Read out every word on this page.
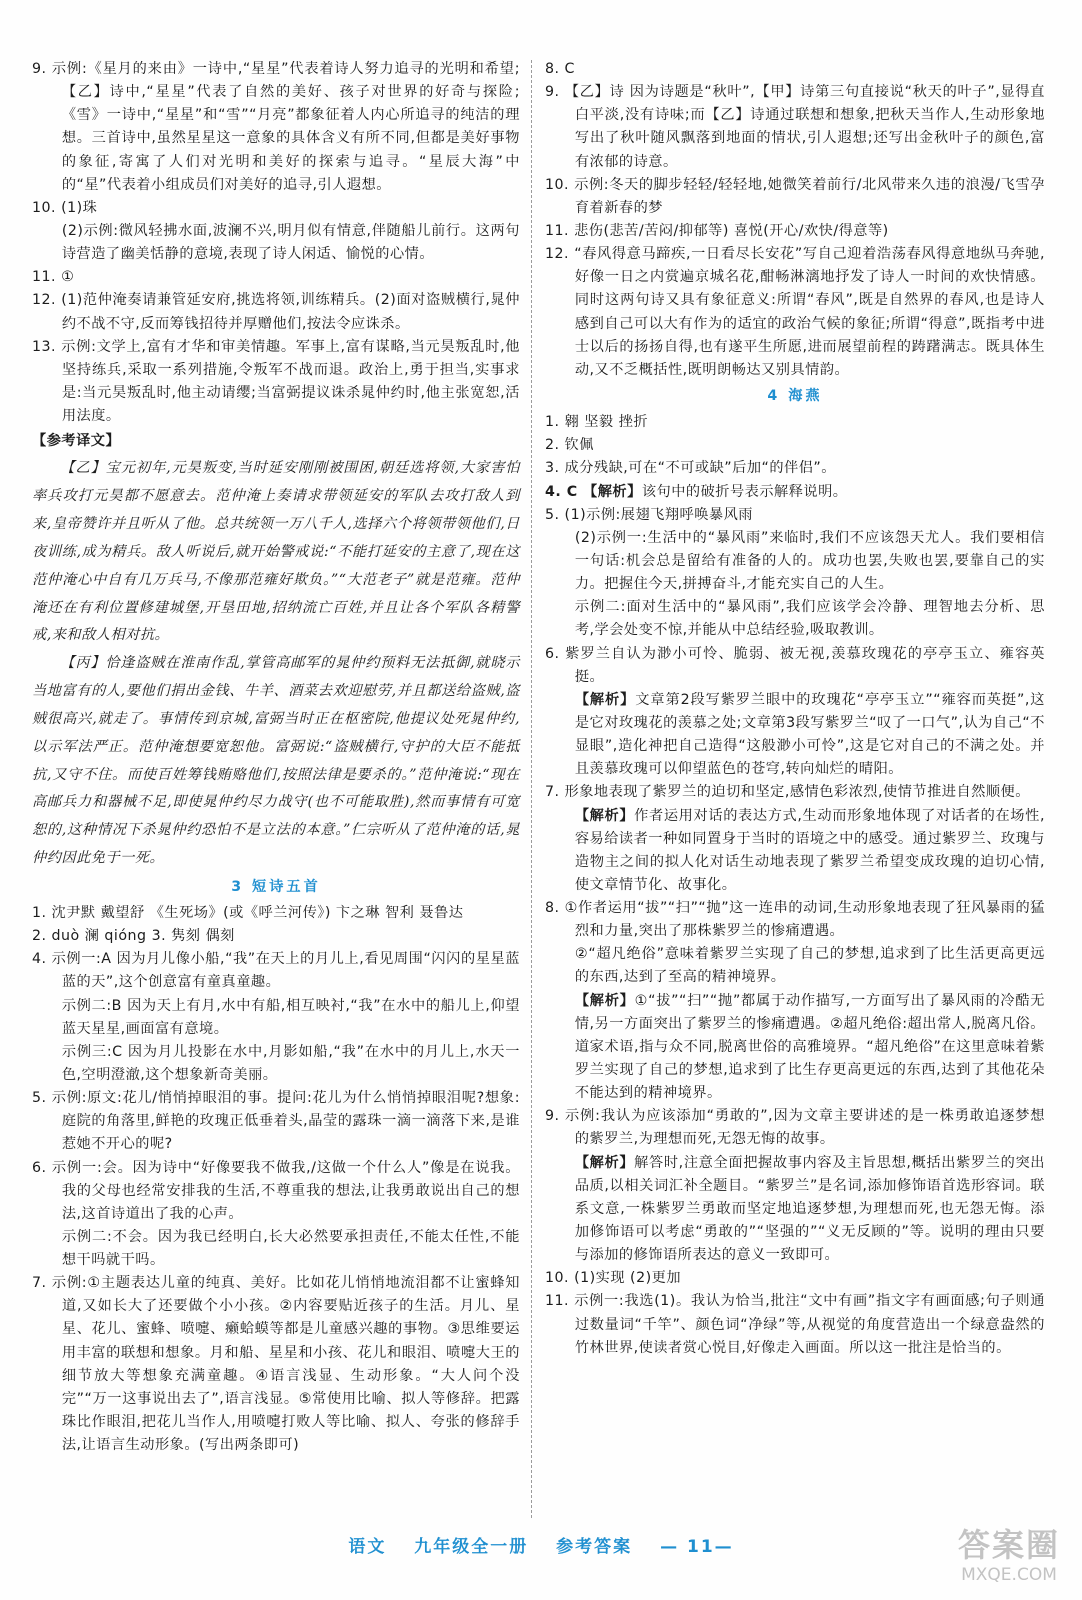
9. 示例:《星月的来由》一诗中,“星星”代表着诗人努力追寻的光明和希望;【乙】诗中,“星星”代表了自然的美好、孩子对世界的好奇与探险;《雪》一诗中,“星星”和“雪”“月亮”都象征着人内心所追寻的纯洁的理想。三首诗中,虽然星星这一意象的具体含义有所不同,但都是美好事物的象征,寄寓了人们对光明和美好的探索与追寻。“星辰大海”中的“星”代表着小组成员们对美好的追寻,引人遐想。

10. (1)珠

(2)示例:微风轻拂水面,波澜不兴,明月似有情意,伴随船儿前行。这两句诗营造了幽美恬静的意境,表现了诗人闲适、愉悦的心情。

11. ①

12. (1)范仲淹奏请兼管延安府,挑选将领,训练精兵。(2)面对盗贼横行,晁仲约不战不守,反而筹钱招待并厚赠他们,按法令应诛杀。

13. 示例:文学上,富有才华和审美情趣。军事上,富有谋略,当元昊叛乱时,他坚持练兵,采取一系列措施,令叛军不战而退。政治上,勇于担当,实事求是:当元昊叛乱时,他主动请缨;当富弼提议诛杀晁仲约时,他主张宽恕,活用法度。

【参考译文】

【乙】宝元初年,元昊叛变,当时延安刚刚被围困,朝廷选将领,大家害怕率兵攻打元昊都不愿意去。范仲淹上奏请求带领延安的军队去攻打敌人到来,皇帝赞许并且听从了他。总共统领一万八千人,选择六个将领带领他们,日夜训练,成为精兵。敌人听说后,就开始警戒说:“不能打延安的主意了,现在这范仲淹心中自有几万兵马,不像那范雍好欺负。”“大范老子”就是范雍。范仲淹还在有利位置修建城堡,开垦田地,招纳流亡百姓,并且让各个军队各精警戒,来和敌人相对抗。

【丙】恰逢盗贼在淮南作乱,掌管高邮军的晁仲约预料无法抵御,就晓示当地富有的人,要他们捐出金钱、牛羊、酒菜去欢迎慰劳,并且都送给盗贼,盗贼很高兴,就走了。事情传到京城,富弼当时正在枢密院,他提议处死晁仲约,以示军法严正。范仲淹想要宽恕他。富弼说:“盗贼横行,守护的大臣不能抵抗,又守不住。而使百姓筹钱贿赂他们,按照法律是要杀的。”范仲淹说:“现在高邮兵力和器械不足,即使晁仲约尽力战守(也不可能取胜),然而事情有可宽恕的,这种情况下杀晁仲约恐怕不是立法的本意。”仁宗听从了范仲淹的话,晁仲约因此免于一死。

3 短诗五首

1. 沈尹默 戴望舒 《生死场》(或《呼兰河传》) 卞之琳 智利 聂鲁达

2. duò 澜 qióng 3. 隽刻 偶刻

4. 示例一:A 因为月儿像小船,“我”在天上的月儿上,看见周围“闪闪的星星蓝蓝的天”,这个创意富有童真童趣。

示例二:B 因为天上有月,水中有船,相互映衬,“我”在水中的船儿上,仰望蓝天星星,画面富有意境。

示例三:C 因为月儿投影在水中,月影如船,“我”在水中的月儿上,水天一色,空明澄澈,这个想象新奇美丽。

5. 示例:原文:花儿/悄悄掉眼泪的事。提问:花儿为什么悄悄掉眼泪呢?想象:庭院的角落里,鲜艳的玫瑰正低垂着头,晶莹的露珠一滴一滴落下来,是谁惹她不开心的呢?

6. 示例一:会。因为诗中“好像要我不做我,/这做一个什么人”像是在说我。我的父母也经常安排我的生活,不尊重我的想法,让我勇敢说出自己的想法,这首诗道出了我的心声。

示例二:不会。因为我已经明白,长大必然要承担责任,不能太任性,不能想干吗就干吗。

7. 示例:①主题表达儿童的纯真、美好。比如花儿悄悄地流泪都不让蜜蜂知道,又如长大了还要做个小小孩。②内容要贴近孩子的生活。月儿、星星、花儿、蜜蜂、喷嚏、癞蛤蟆等都是儿童感兴趣的事物。③思维要运用丰富的联想和想象。月和船、星星和小孩、花儿和眼泪、喷嚏大王的细节放大等想象充满童趣。④语言浅显、生动形象。“大人问个没完”“万一这事说出去了”,语言浅显。⑤常使用比喻、拟人等修辞。把露珠比作眼泪,把花儿当作人,用喷嚏打败人等比喻、拟人、夸张的修辞手法,让语言生动形象。(写出两条即可)

8. C

9. 【乙】诗 因为诗题是“秋叶”,【甲】诗第三句直接说“秋天的叶子”,显得直白平淡,没有诗味;而【乙】诗通过联想和想象,把秋天当作人,生动形象地写出了秋叶随风飘落到地面的情状,引人遐想;还写出金秋叶子的颜色,富有浓郁的诗意。

10. 示例:冬天的脚步轻轻/轻轻地,她微笑着前行/北风带来久违的浪漫/飞雪孕育着新春的梦

11. 悲伤(悲苦/苦闷/抑郁等) 喜悦(开心/欢快/得意等)

12. “春风得意马蹄疾,一日看尽长安花”写自己迎着浩荡春风得意地纵马奔驰,好像一日之内赏遍京城名花,酣畅淋漓地抒发了诗人一时间的欢快情感。同时这两句诗又具有象征意义:所谓“春风”,既是自然界的春风,也是诗人感到自己可以大有作为的适宜的政治气候的象征;所谓“得意”,既指考中进士以后的扬扬自得,也有遂平生所愿,进而展望前程的踌躇满志。既具体生动,又不乏概括性,既明朗畅达又别具情韵。

4 海燕

1. 翱 坚毅 挫折

2. 钦佩

3. 成分残缺,可在“不可或缺”后加“的伴侣”。

4. C 【解析】该句中的破折号表示解释说明。

5. (1)示例:展翅飞翔呼唤暴风雨

(2)示例一:生活中的“暴风雨”来临时,我们不应该怨天尤人。我们要相信一句话:机会总是留给有准备的人的。成功也罢,失败也罢,要靠自己的实力。把握住今天,拼搏奋斗,才能充实自己的人生。

示例二:面对生活中的“暴风雨”,我们应该学会冷静、理智地去分析、思考,学会处变不惊,并能从中总结经验,吸取教训。

6. 紫罗兰自认为渺小可怜、脆弱、被无视,羡慕玫瑰花的亭亭玉立、雍容英挺。

【解析】文章第2段写紫罗兰眼中的玫瑰花“亭亭玉立”“雍容而英挺”,这是它对玫瑰花的羡慕之处;文章第3段写紫罗兰“叹了一口气”,认为自己“不显眼”,造化神把自己造得“这般渺小可怜”,这是它对自己的不满之处。并且羡慕玫瑰可以仰望蓝色的苍穹,转向灿烂的晴阳。

7. 形象地表现了紫罗兰的迫切和坚定,感情色彩浓烈,使情节推进自然顺便。

【解析】作者运用对话的表达方式,生动而形象地体现了对话者的在场性,容易给读者一种如同置身于当时的语境之中的感受。通过紫罗兰、玫瑰与造物主之间的拟人化对话生动地表现了紫罗兰希望变成玫瑰的迫切心情,使文章情节化、故事化。

8. ①作者运用“拔”“扫”“抛”这一连串的动词,生动形象地表现了狂风暴雨的猛烈和力量,突出了那株紫罗兰的惨痛遭遇。

②“超凡绝俗”意味着紫罗兰实现了自己的梦想,追求到了比生活更高更远的东西,达到了至高的精神境界。

【解析】①“拔”“扫”“抛”都属于动作描写,一方面写出了暴风雨的冷酷无情,另一方面突出了紫罗兰的惨痛遭遇。②超凡绝俗:超出常人,脱离凡俗。道家术语,指与众不同,脱离世俗的高雅境界。“超凡绝俗”在这里意味着紫罗兰实现了自己的梦想,追求到了比生存更高更远的东西,达到了其他花朵不能达到的精神境界。

9. 示例:我认为应该添加“勇敢的”,因为文章主要讲述的是一株勇敢追逐梦想的紫罗兰,为理想而死,无怨无悔的故事。

【解析】解答时,注意全面把握故事内容及主旨思想,概括出紫罗兰的突出品质,以相关词汇补全题目。“紫罗兰”是名词,添加修饰语首选形容词。联系文意,一株紫罗兰勇敢而坚定地追逐梦想,为理想而死,也无怨无悔。添加修饰语可以考虑“勇敢的”“坚强的”“义无反顾的”等。说明的理由只要与添加的修饰语所表达的意义一致即可。

10. (1)实现 (2)更加

11. 示例一:我选(1)。我认为恰当,批注“文中有画”指文字有画面感;句子则通过数量词“千竿”、颜色词“净绿”等,从视觉的角度营造出一个绿意盎然的竹林世界,使读者赏心悦目,好像走入画面。所以这一批注是恰当的。

语文 九年级全一册 参考答案 — 11—	答案圈
MXQE.COM
